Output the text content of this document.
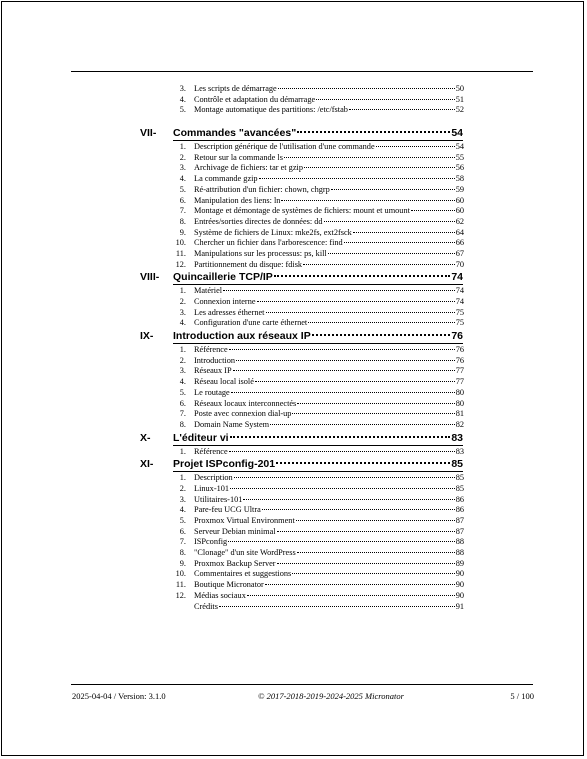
3. Les scripts de démarrage	50
4. Contrôle et adaptation du démarrage	51
5. Montage automatique des partitions: /etc/fstab	52
VII- Commandes "avancées"	54
1. Description générique de l'utilisation d'une commande	54
2. Retour sur la commande ls	55
3. Archivage de fichiers: tar et gzip	56
4. La commande gzip	58
5. Ré-attribution d'un fichier: chown, chgrp	59
6. Manipulation des liens: ln	60
7. Montage et démontage de systèmes de fichiers: mount et umount	60
8. Entrées/sorties directes de données: dd	62
9. Système de fichiers de Linux: mke2fs, ext2fsck	64
10. Chercher un fichier dans l'arborescence: find	66
11. Manipulations sur les processus: ps, kill	67
12. Partitionnement du disque: fdisk	70
VIII- Quincaillerie TCP/IP	74
1. Matériel	74
2. Connexion interne	74
3. Les adresses éthernet	75
4. Configuration d'une carte éthernet	75
IX- Introduction aux réseaux IP	76
1. Référence	76
2. Introduction	76
3. Réseaux IP	77
4. Réseau local isolé	77
5. Le routage	80
6. Réseaux locaux interconnectés	80
7. Poste avec connexion dial-up	81
8. Domain Name System	82
X- L'éditeur vi	83
1. Référence	83
XI- Projet ISPconfig-201	85
1. Description	85
2. Linux-101	85
3. Utilitaires-101	86
4. Pare-feu UCG Ultra	86
5. Proxmox Virtual Environment	87
6. Serveur Debian minimal	87
7. ISPconfig	88
8. "Clonage" d'un site WordPress	88
9. Proxmox Backup Server	89
10. Commentaires et suggestions	90
11. Boutique Micronator	90
12. Médias sociaux	90
Crédits	91
2025-04-04 / Version: 3.1.0	© 2017-2018-2019-2024-2025 Micronator	5 / 100
